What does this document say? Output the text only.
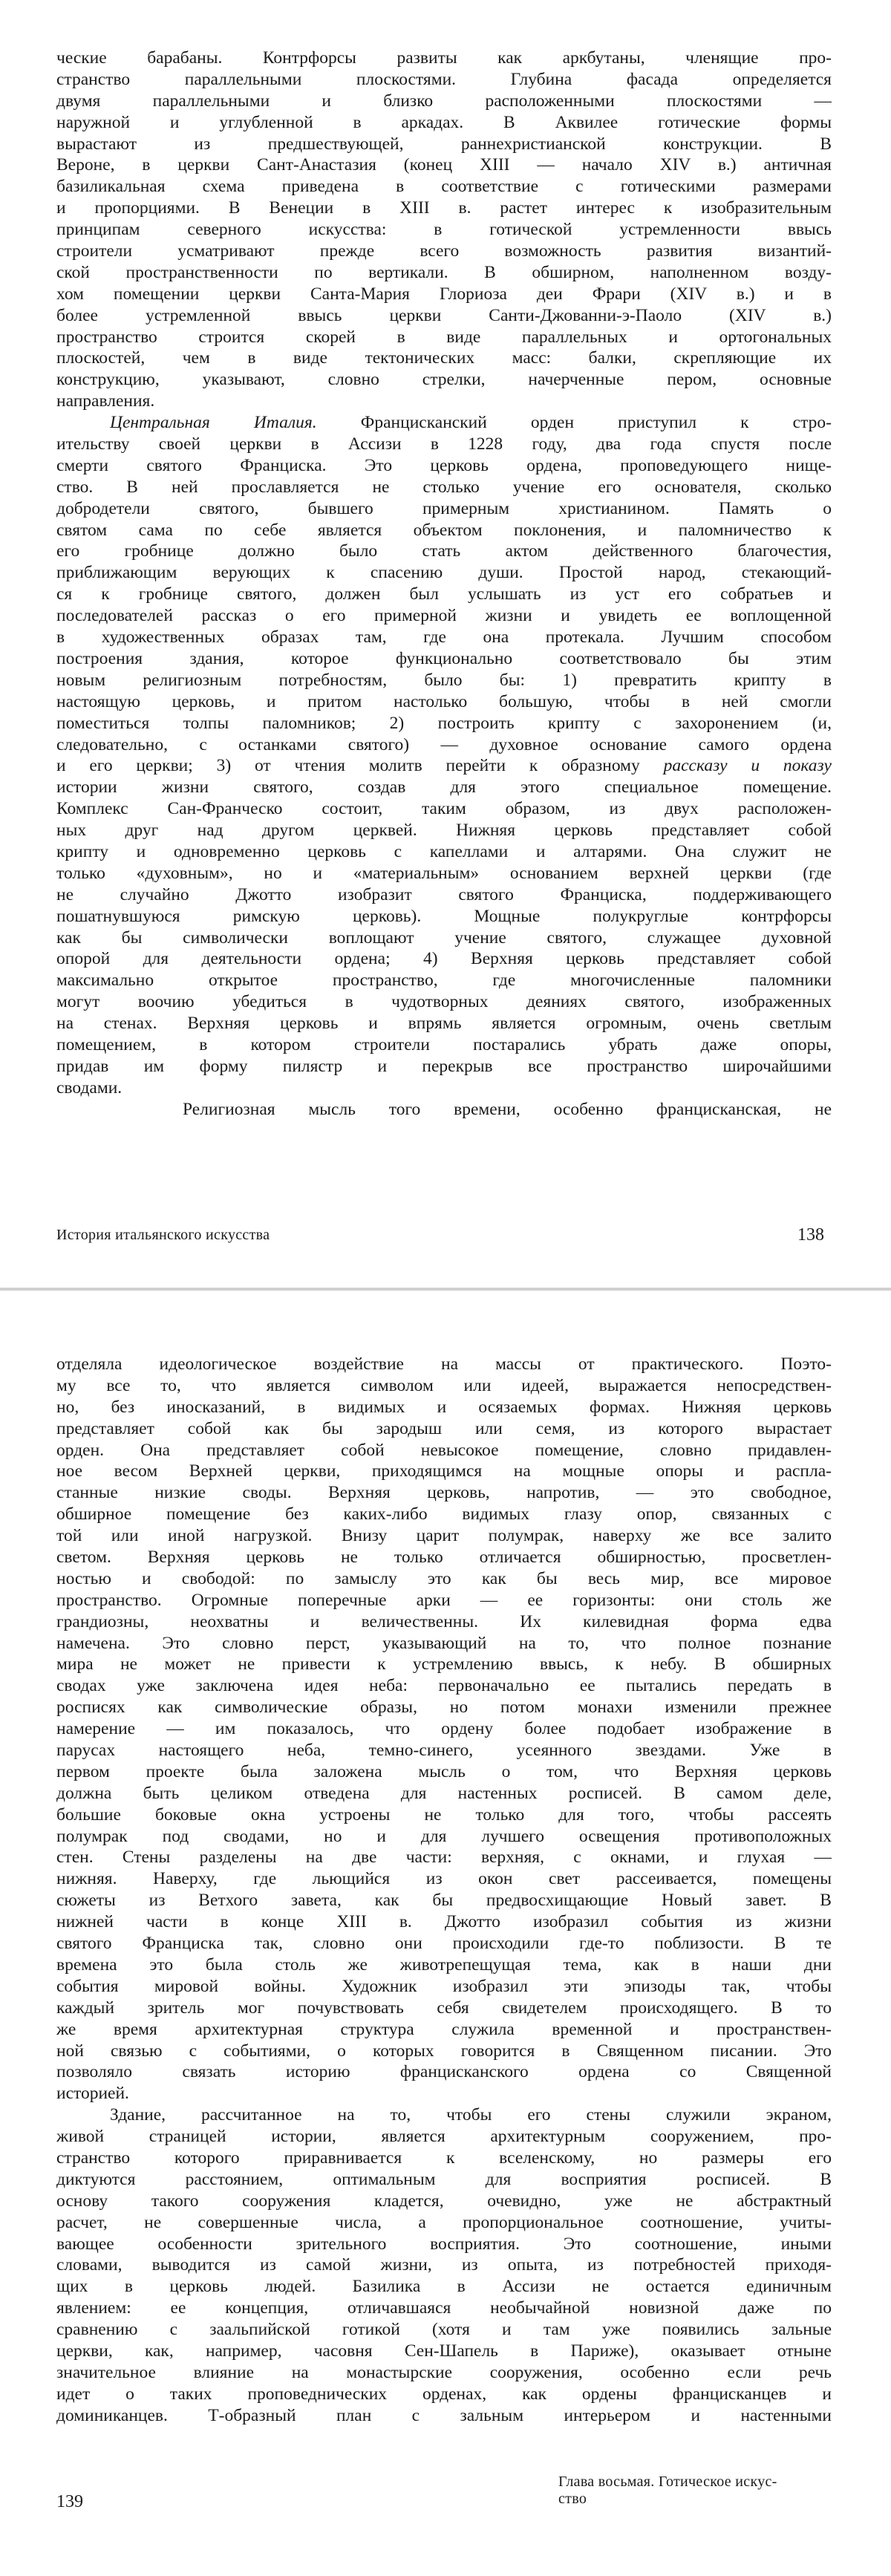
ческие барабаны. Контрфорсы развиты как аркбутаны, членящие про-
странство параллельными плоскостями. Глубина фасада определяется
двумя параллельными и близко расположенными плоскостями —
наружной и углубленной в аркадах. В Аквилее готические формы
вырастают из предшествующей, раннехристианской конструкции. В
Вероне, в церкви Сант-Анастазия (конец XIII — начало XIV в.) античная
базиликальная схема приведена в соответствие с готическими размерами
и пропорциями. В Венеции в XIII в. растет интерес к изобразительным
принципам северного искусства: в готической устремленности ввысь
строители усматривают прежде всего возможность развития византий-
ской пространственности по вертикали. В обширном, наполненном возду-
хом помещении церкви Санта-Мария Глориоза деи Фрари (XIV в.) и в
более устремленной ввысь церкви Санти-Джованни-э-Паоло (XIV в.)
пространство строится скорей в виде параллельных и ортогональных
плоскостей, чем в виде тектонических масс: балки, скрепляющие их
конструкцию, указывают, словно стрелки, начерченные пером, основные
направления.
Центральная Италия. Францисканский орден приступил к стро-
ительству своей церкви в Ассизи в 1228 году, два года спустя после
смерти святого Франциска. Это церковь ордена, проповедующего нище-
ство. В ней прославляется не столько учение его основателя, сколько
добродетели святого, бывшего примерным христианином. Память о
святом сама по себе является объектом поклонения, и паломничество к
его гробнице должно было стать актом действенного благочестия,
приближающим верующих к спасению души. Простой народ, стекающий-
ся к гробнице святого, должен был услышать из уст его собратьев и
последователей рассказ о его примерной жизни и увидеть ее воплощенной
в художественных образах там, где она протекала. Лучшим способом
построения здания, которое функционально соответствовало бы этим
новым религиозным потребностям, было бы: 1) превратить крипту в
настоящую церковь, и притом настолько большую, чтобы в ней смогли
поместиться толпы паломников; 2) построить крипту с захоронением (и,
следовательно, с останками святого) — духовное основание самого ордена
и его церкви; 3) от чтения молитв перейти к образному рассказу и показу
истории жизни святого, создав для этого специальное помещение.
Комплекс Сан-Франческо состоит, таким образом, из двух расположен-
ных друг над другом церквей. Нижняя церковь представляет собой
крипту и одновременно церковь с капеллами и алтарями. Она служит не
только «духовным», но и «материальным» основанием верхней церкви (где
не случайно Джотто изобразит святого Франциска, поддерживающего
пошатнувшуюся римскую церковь). Мощные полукруглые контрфорсы
как бы символически воплощают учение святого, служащее духовной
опорой для деятельности ордена; 4) Верхняя церковь представляет собой
максимально открытое пространство, где многочисленные паломники
могут воочию убедиться в чудотворных деяниях святого, изображенных
на стенах. Верхняя церковь и впрямь является огромным, очень светлым
помещением, в котором строители постарались убрать даже опоры,
придав им форму пилястр и перекрыв все пространство широчайшими
сводами.
Религиозная мысль того времени, особенно францисканская, не
История итальянского искусства	138
отделяла идеологическое воздействие на массы от практического. Поэто-
му все то, что является символом или идеей, выражается непосредствен-
но, без иносказаний, в видимых и осязаемых формах. Нижняя церковь
представляет собой как бы зародыш или семя, из которого вырастает
орден. Она представляет собой невысокое помещение, словно придавлен-
ное весом Верхней церкви, приходящимся на мощные опоры и распла-
станные низкие своды. Верхняя церковь, напротив, — это свободное,
обширное помещение без каких-либо видимых глазу опор, связанных с
той или иной нагрузкой. Внизу царит полумрак, наверху же все залито
светом. Верхняя церковь не только отличается обширностью, просветлен-
ностью и свободой: по замыслу это как бы весь мир, все мировое
пространство. Огромные поперечные арки — ее горизонты: они столь же
грандиозны, неохватны и величественны. Их килевидная форма едва
намечена. Это словно перст, указывающий на то, что полное познание
мира не может не привести к устремлению ввысь, к небу. В обширных
сводах уже заключена идея неба: первоначально ее пытались передать в
росписях как символические образы, но потом монахи изменили прежнее
намерение — им показалось, что ордену более подобает изображение в
парусах настоящего неба, темно-синего, усеянного звездами. Уже в
первом проекте была заложена мысль о том, что Верхняя церковь
должна быть целиком отведена для настенных росписей. В самом деле,
большие боковые окна устроены не только для того, чтобы рассеять
полумрак под сводами, но и для лучшего освещения противоположных
стен. Стены разделены на две части: верхняя, с окнами, и глухая —
нижняя. Наверху, где льющийся из окон свет рассеивается, помещены
сюжеты из Ветхого завета, как бы предвосхищающие Новый завет. В
нижней части в конце XIII в. Джотто изобразил события из жизни
святого Франциска так, словно они происходили где-то поблизости. В те
времена это была столь же животрепещущая тема, как в наши дни
события мировой войны. Художник изобразил эти эпизоды так, чтобы
каждый зритель мог почувствовать себя свидетелем происходящего. В то
же время архитектурная структура служила временной и пространствен-
ной связью с событиями, о которых говорится в Священном писании. Это
позволяло связать историю францисканского ордена со Священной
историей.
Здание, рассчитанное на то, чтобы его стены служили экраном,
живой страницей истории, является архитектурным сооружением, про-
странство которого приравнивается к вселенскому, но размеры его
диктуются расстоянием, оптимальным для восприятия росписей. В
основу такого сооружения кладется, очевидно, уже не абстрактный
расчет, не совершенные числа, а пропорциональное соотношение, учиты-
вающее особенности зрительного восприятия. Это соотношение, иными
словами, выводится из самой жизни, из опыта, из потребностей приходя-
щих в церковь людей. Базилика в Ассизи не остается единичным
явлением: ее концепция, отличавшаяся необычайной новизной даже по
сравнению с заальпийской готикой (хотя и там уже появились зальные
церкви, как, например, часовня Сен-Шапель в Париже), оказывает отныне
значительное влияние на монастырские сооружения, особенно если речь
идет о таких проповеднических орденах, как ордены францисканцев и
доминиканцев. Т-образный план с зальным интерьером и настенными
139
Глава восьмая. Готическое искус-
ство
